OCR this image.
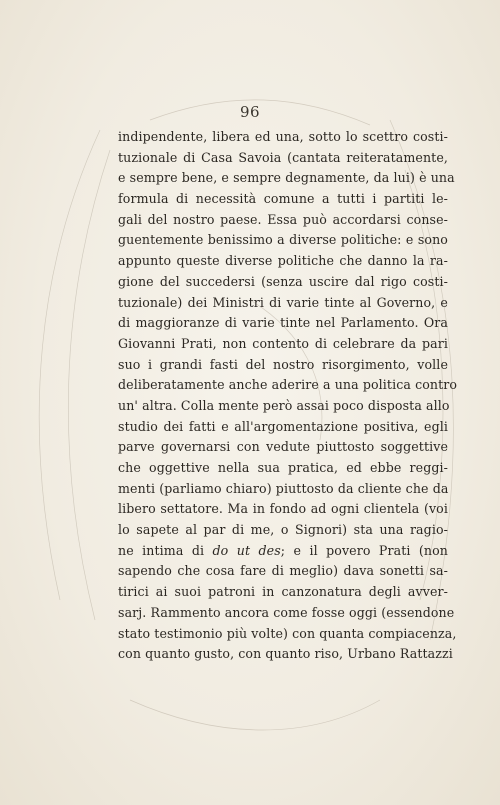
96
indipendente, libera ed una, sotto lo scettro costi-
tuzionale di Casa Savoia (cantata reiteratamente,
e sempre bene, e sempre degnamente, da lui) è una
formula di necessità comune a tutti i partiti le-
gali del nostro paese. Essa può accordarsi conse-
guentemente benissimo a diverse politiche: e sono
appunto queste diverse politiche che danno la ra-
gione del succedersi (senza uscire dal rigo costi-
tuzionale) dei Ministri di varie tinte al Governo, e
di maggioranze di varie tinte nel Parlamento. Ora
Giovanni Prati, non contento di celebrare da pari
suo i grandi fasti del nostro risorgimento, volle
deliberatamente anche aderire a una politica contro
un' altra. Colla mente però assai poco disposta allo
studio dei fatti e all'argomentazione positiva, egli
parve governarsi con vedute piuttosto soggettive
che oggettive nella sua pratica, ed ebbe reggi-
menti (parliamo chiaro) piuttosto da cliente che da
libero settatore. Ma in fondo ad ogni clientela (voi
lo sapete al par di me, o Signori) sta una ragio-
ne intima di do ut des; e il povero Prati (non
sapendo che cosa fare di meglio) dava sonetti sa-
tirici ai suoi patroni in canzonatura degli avver-
sarj. Rammento ancora come fosse oggi (essendone
stato testimonio più volte) con quanta compiacenza,
con quanto gusto, con quanto riso, Urbano Rattazzi
